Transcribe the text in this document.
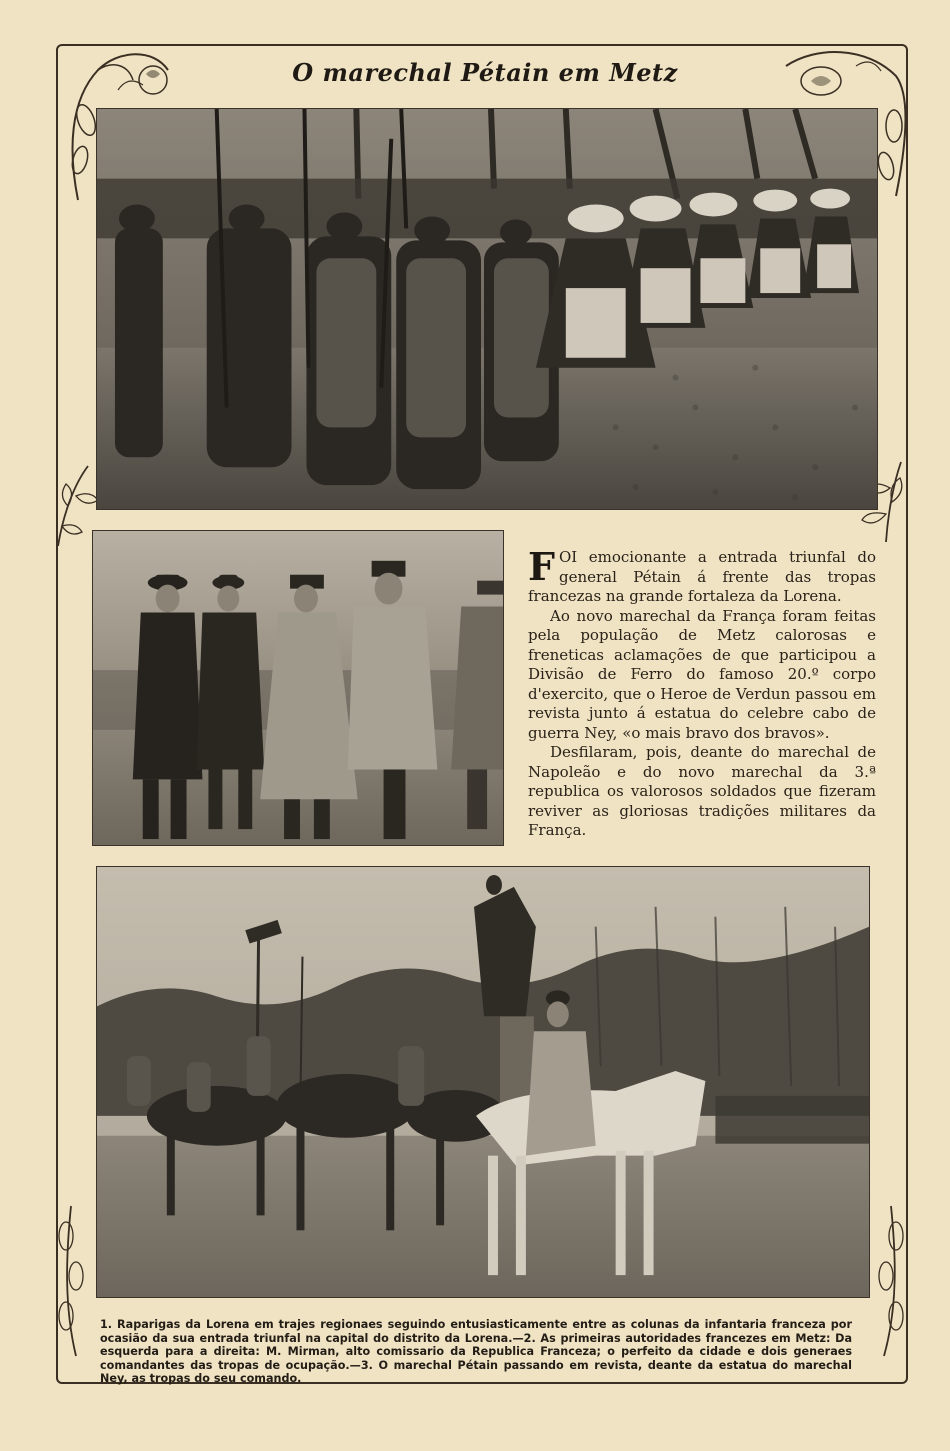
O marechal Pétain em Metz

FOI emocionante a entrada triunfal do general Pétain á frente das tropas francezas na grande fortaleza da Lorena.

Ao novo marechal da França foram feitas pela população de Metz calorosas e freneticas aclamações de que participou a Divisão de Ferro do famoso 20.º corpo d'exercito, que o Heroe de Verdun passou em revista junto á estatua do celebre cabo de guerra Ney, «o mais bravo dos bravos».

Desfilaram, pois, deante do marechal de Napoleão e do novo marechal da 3.ª republica os valorosos soldados que fizeram reviver as gloriosas tradições militares da França.

1. Raparigas da Lorena em trajes regionaes seguindo entusiasticamente entre as colunas da infantaria franceza por ocasião da sua entrada triunfal na capital do distrito da Lorena.—2. As primeiras autoridades francezes em Metz: Da esquerda para a direita: M. Mirman, alto comissario da Republica Franceza; o perfeito da cidade e dois generaes comandantes das tropas de ocupação.—3. O marechal Pétain passando em revista, deante da estatua do marechal Ney, as tropas do seu comando.
